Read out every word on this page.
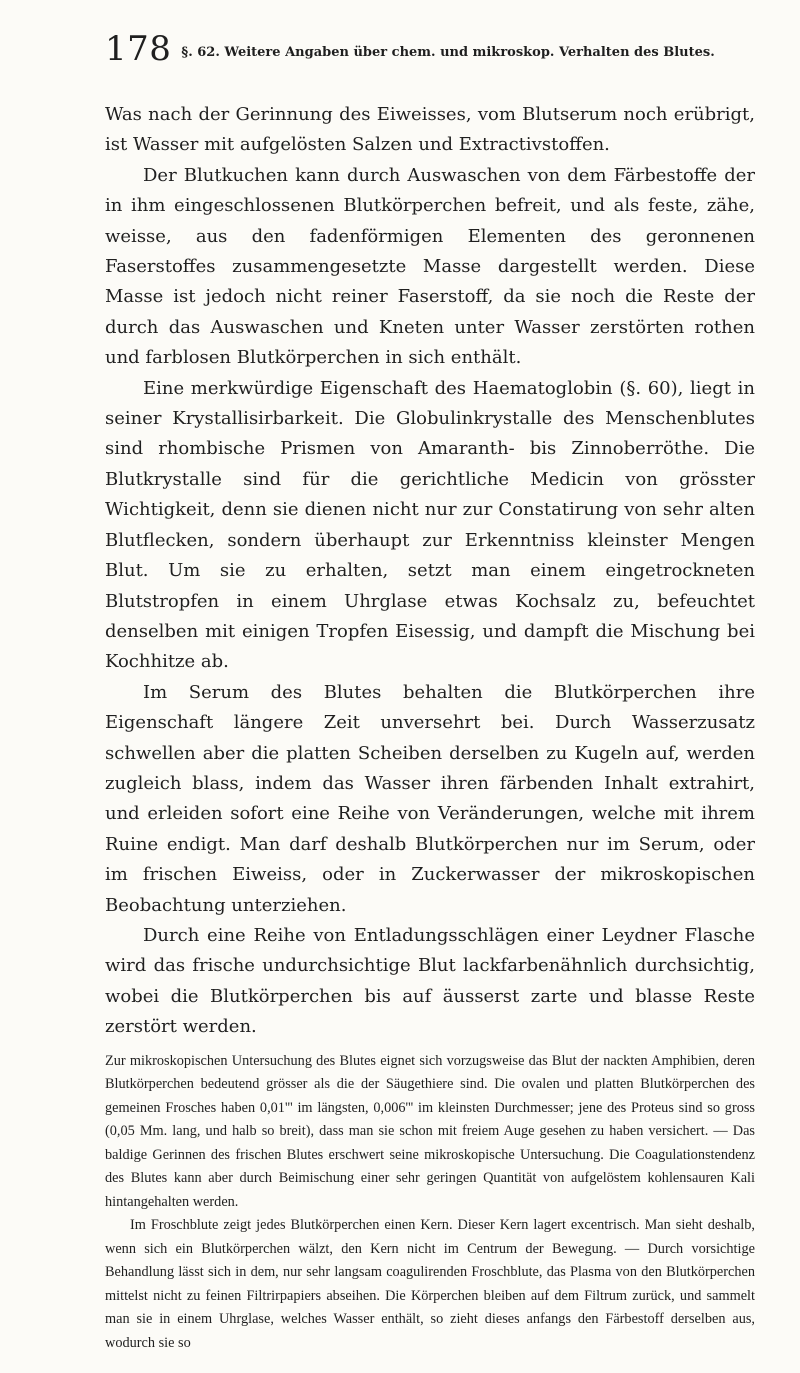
178 §. 62. Weitere Angaben über chem. und mikroskop. Verhalten des Blutes.

Was nach der Gerinnung des Eiweisses, vom Blutserum noch erübrigt, ist Wasser mit aufgelösten Salzen und Extractivstoffen.

Der Blutkuchen kann durch Auswaschen von dem Färbestoffe der in ihm eingeschlossenen Blutkörperchen befreit, und als feste, zähe, weisse, aus den fadenförmigen Elementen des geronnenen Faserstoffes zusammengesetzte Masse dargestellt werden. Diese Masse ist jedoch nicht reiner Faserstoff, da sie noch die Reste der durch das Auswaschen und Kneten unter Wasser zerstörten rothen und farblosen Blutkörperchen in sich enthält.

Eine merkwürdige Eigenschaft des Haematoglobin (§. 60), liegt in seiner Krystallisirbarkeit. Die Globulinkrystalle des Menschenblutes sind rhombische Prismen von Amaranth- bis Zinnoberröthe. Die Blutkrystalle sind für die gerichtliche Medicin von grösster Wichtigkeit, denn sie dienen nicht nur zur Constatirung von sehr alten Blutflecken, sondern überhaupt zur Erkenntniss kleinster Mengen Blut. Um sie zu erhalten, setzt man einem eingetrockneten Blutstropfen in einem Uhrglase etwas Kochsalz zu, befeuchtet denselben mit einigen Tropfen Eisessig, und dampft die Mischung bei Kochhitze ab.

Im Serum des Blutes behalten die Blutkörperchen ihre Eigenschaft längere Zeit unversehrt bei. Durch Wasserzusatz schwellen aber die platten Scheiben derselben zu Kugeln auf, werden zugleich blass, indem das Wasser ihren färbenden Inhalt extrahirt, und erleiden sofort eine Reihe von Veränderungen, welche mit ihrem Ruine endigt. Man darf deshalb Blutkörperchen nur im Serum, oder im frischen Eiweiss, oder in Zuckerwasser der mikroskopischen Beobachtung unterziehen.

Durch eine Reihe von Entladungsschlägen einer Leydner Flasche wird das frische undurchsichtige Blut lackfarbenähnlich durchsichtig, wobei die Blutkörperchen bis auf äusserst zarte und blasse Reste zerstört werden.

Zur mikroskopischen Untersuchung des Blutes eignet sich vorzugsweise das Blut der nackten Amphibien, deren Blutkörperchen bedeutend grösser als die der Säugethiere sind. Die ovalen und platten Blutkörperchen des gemeinen Frosches haben 0,01''' im längsten, 0,006''' im kleinsten Durchmesser; jene des Proteus sind so gross (0,05 Mm. lang, und halb so breit), dass man sie schon mit freiem Auge gesehen zu haben versichert. — Das baldige Gerinnen des frischen Blutes erschwert seine mikroskopische Untersuchung. Die Coagulationstendenz des Blutes kann aber durch Beimischung einer sehr geringen Quantität von aufgelöstem kohlensauren Kali hintangehalten werden.

Im Froschblute zeigt jedes Blutkörperchen einen Kern. Dieser Kern lagert excentrisch. Man sieht deshalb, wenn sich ein Blutkörperchen wälzt, den Kern nicht im Centrum der Bewegung. — Durch vorsichtige Behandlung lässt sich in dem, nur sehr langsam coagulirenden Froschblute, das Plasma von den Blutkörperchen mittelst nicht zu feinen Filtrirpapiers abseihen. Die Körperchen bleiben auf dem Filtrum zurück, und sammelt man sie in einem Uhrglase, welches Wasser enthält, so zieht dieses anfangs den Färbestoff derselben aus, wodurch sie so
